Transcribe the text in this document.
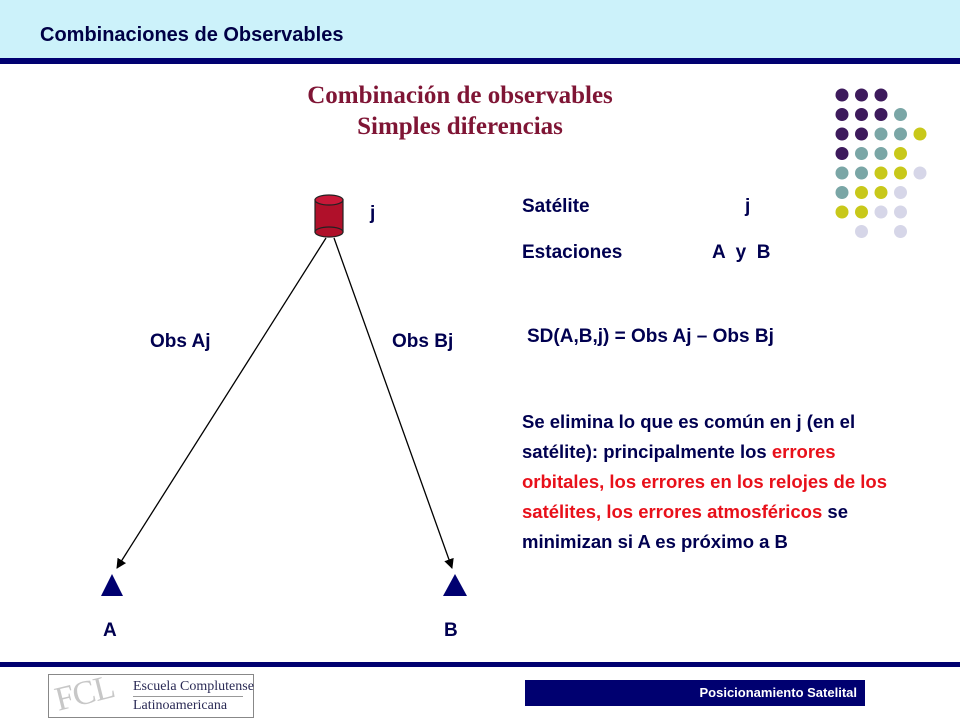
Combinaciones de Observables
Combinación de observables
Simples diferencias
j
Obs Aj	Obs Bj
A	B
Satélite	j
Estaciones	A  y  B
SD(A,B,j) = Obs Aj – Obs Bj
Se elimina lo que es común en j (en el satélite): principalmente los errores orbitales, los errores en los relojes de los satélites, los errores atmosféricos se minimizan si A es próximo a B
FCL Escuela Complutense
Latinoamericana
Posicionamiento Satelital
